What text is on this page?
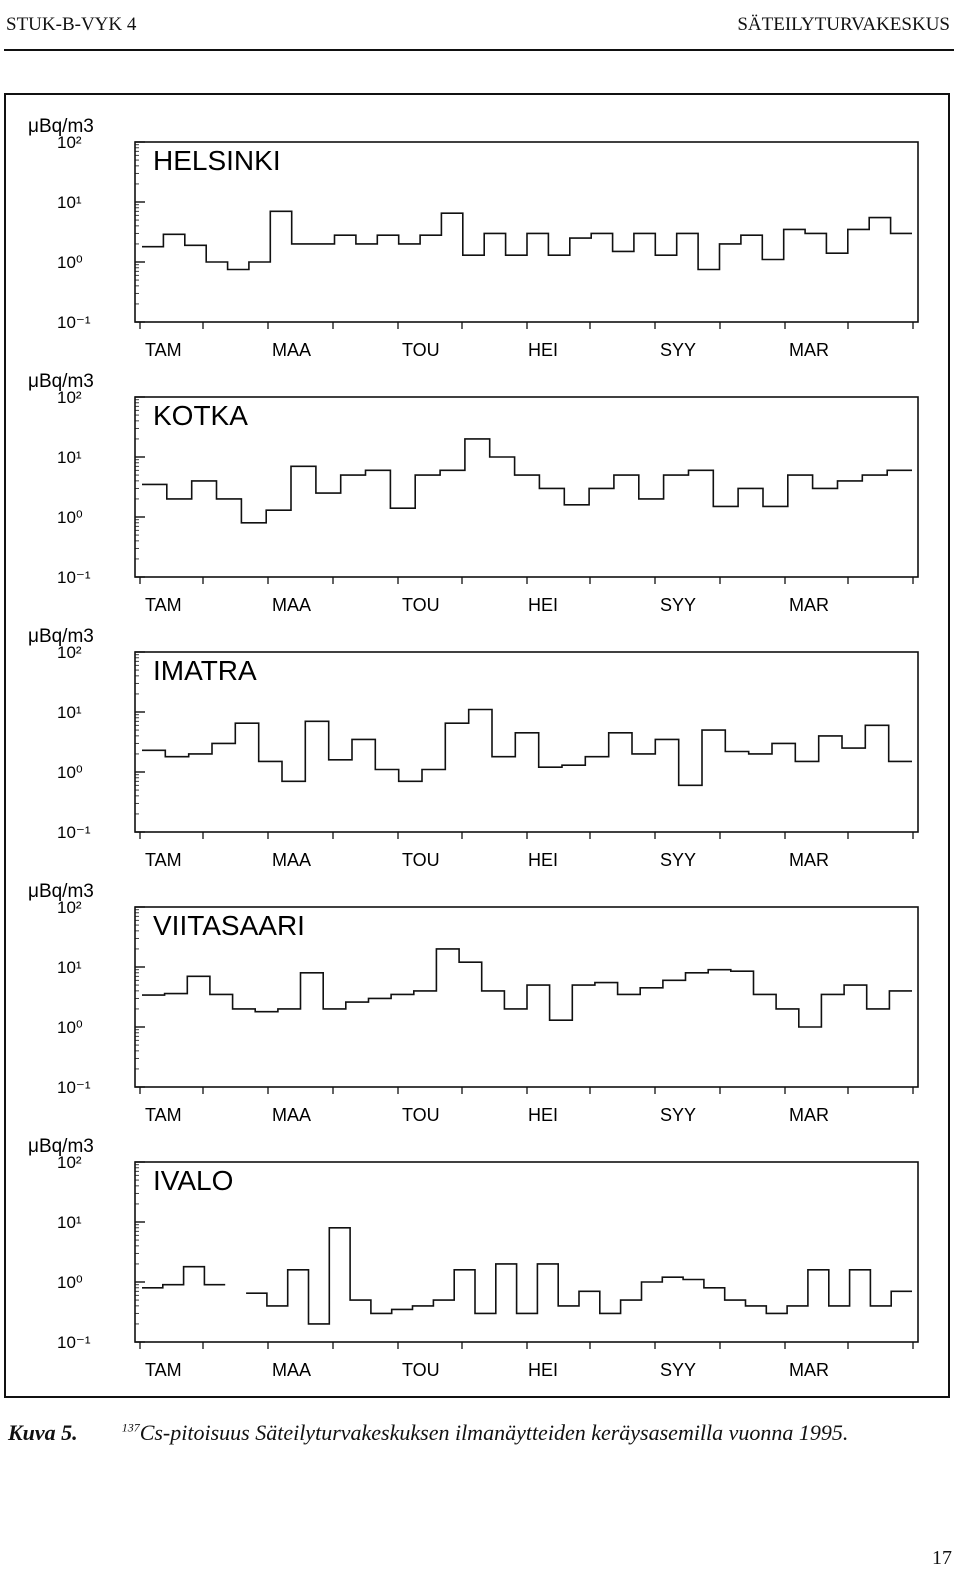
STUK-B-VYK 4	SÄTEILYTURVAKESKUS
μBq/m3
HELSINKI
10²
10¹
10⁰
10⁻¹
TAM	MAA	TOU	HEI	SYY	MAR
μBq/m3
KOTKA
10²
10¹
10⁰
10⁻¹
TAM	MAA	TOU	HEI	SYY	MAR
μBq/m3
IMATRA
10²
10¹
10⁰
10⁻¹
TAM	MAA	TOU	HEI	SYY	MAR
μBq/m3
VIITASAARI
10²
10¹
10⁰
10⁻¹
TAM	MAA	TOU	HEI	SYY	MAR
μBq/m3
IVALO
10²
10¹
10⁰
10⁻¹
TAM	MAA	TOU	HEI	SYY	MAR
Kuva 5.	$^{137}$Cs-pitoisuus Säteilyturvakeskuksen ilmanäytteiden keräysasemilla vuonna 1995.
17
